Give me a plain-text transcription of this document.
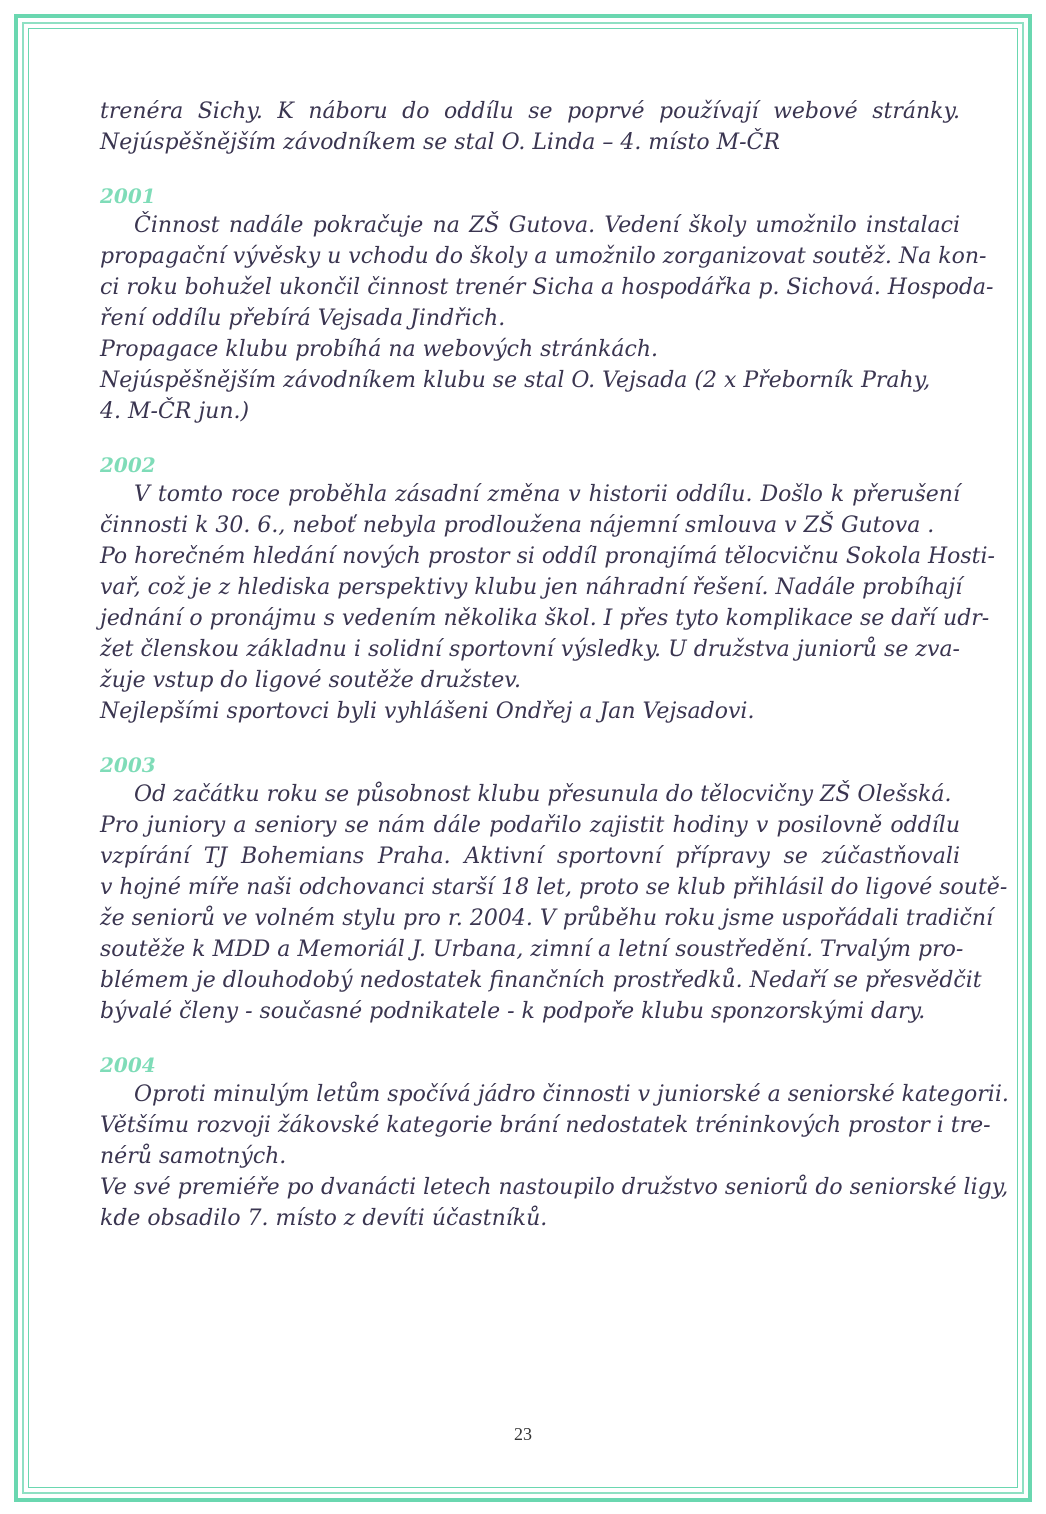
trenéra Sichy. K náboru do oddílu se poprvé používají webové stránky.
Nejúspěšnějším závodníkem se stal O. Linda – 4. místo M-ČR
2001
Činnost nadále pokračuje na ZŠ Gutova. Vedení školy umožnilo instalaci
propagační vývěsky u vchodu do školy a umožnilo zorganizovat soutěž. Na kon-
ci roku bohužel ukončil činnost trenér Sicha a hospodářka p. Sichová. Hospoda-
ření oddílu přebírá Vejsada Jindřich.
Propagace klubu probíhá na webových stránkách.
Nejúspěšnějším závodníkem klubu se stal O. Vejsada (2 x Přeborník Prahy,
4. M-ČR jun.)
2002
V tomto roce proběhla zásadní změna v historii oddílu. Došlo k přerušení
činnosti k 30. 6., neboť nebyla prodloužena nájemní smlouva v ZŠ Gutova .
Po horečném hledání nových prostor si oddíl pronajímá tělocvičnu Sokola Hosti-
vař, což je z hlediska perspektivy klubu jen náhradní řešení. Nadále probíhají
jednání o pronájmu s vedením několika škol. I přes tyto komplikace se daří udr-
žet členskou základnu i solidní sportovní výsledky. U družstva juniorů se zva-
žuje vstup do ligové soutěže družstev.
Nejlepšími sportovci byli vyhlášeni Ondřej a Jan Vejsadovi.
2003
Od začátku roku se působnost klubu přesunula do tělocvičny ZŠ Olešská.
Pro juniory a seniory se nám dále podařilo zajistit hodiny v posilovně oddílu
vzpírání TJ Bohemians Praha. Aktivní sportovní přípravy se zúčastňovali
v hojné míře naši odchovanci starší 18 let, proto se klub přihlásil do ligové soutě-
že seniorů ve volném stylu pro r. 2004. V průběhu roku jsme uspořádali tradiční
soutěže k MDD a Memoriál J. Urbana, zimní a letní soustředění. Trvalým pro-
blémem je dlouhodobý nedostatek finančních prostředků. Nedaří se přesvědčit
bývalé členy - současné podnikatele - k podpoře klubu sponzorskými dary.
2004
Oproti minulým letům spočívá jádro činnosti v juniorské a seniorské kategorii.
Většímu rozvoji žákovské kategorie brání nedostatek tréninkových prostor i tre-
nérů samotných.
Ve své premiéře po dvanácti letech nastoupilo družstvo seniorů do seniorské ligy,
kde obsadilo 7. místo z devíti účastníků.
23
